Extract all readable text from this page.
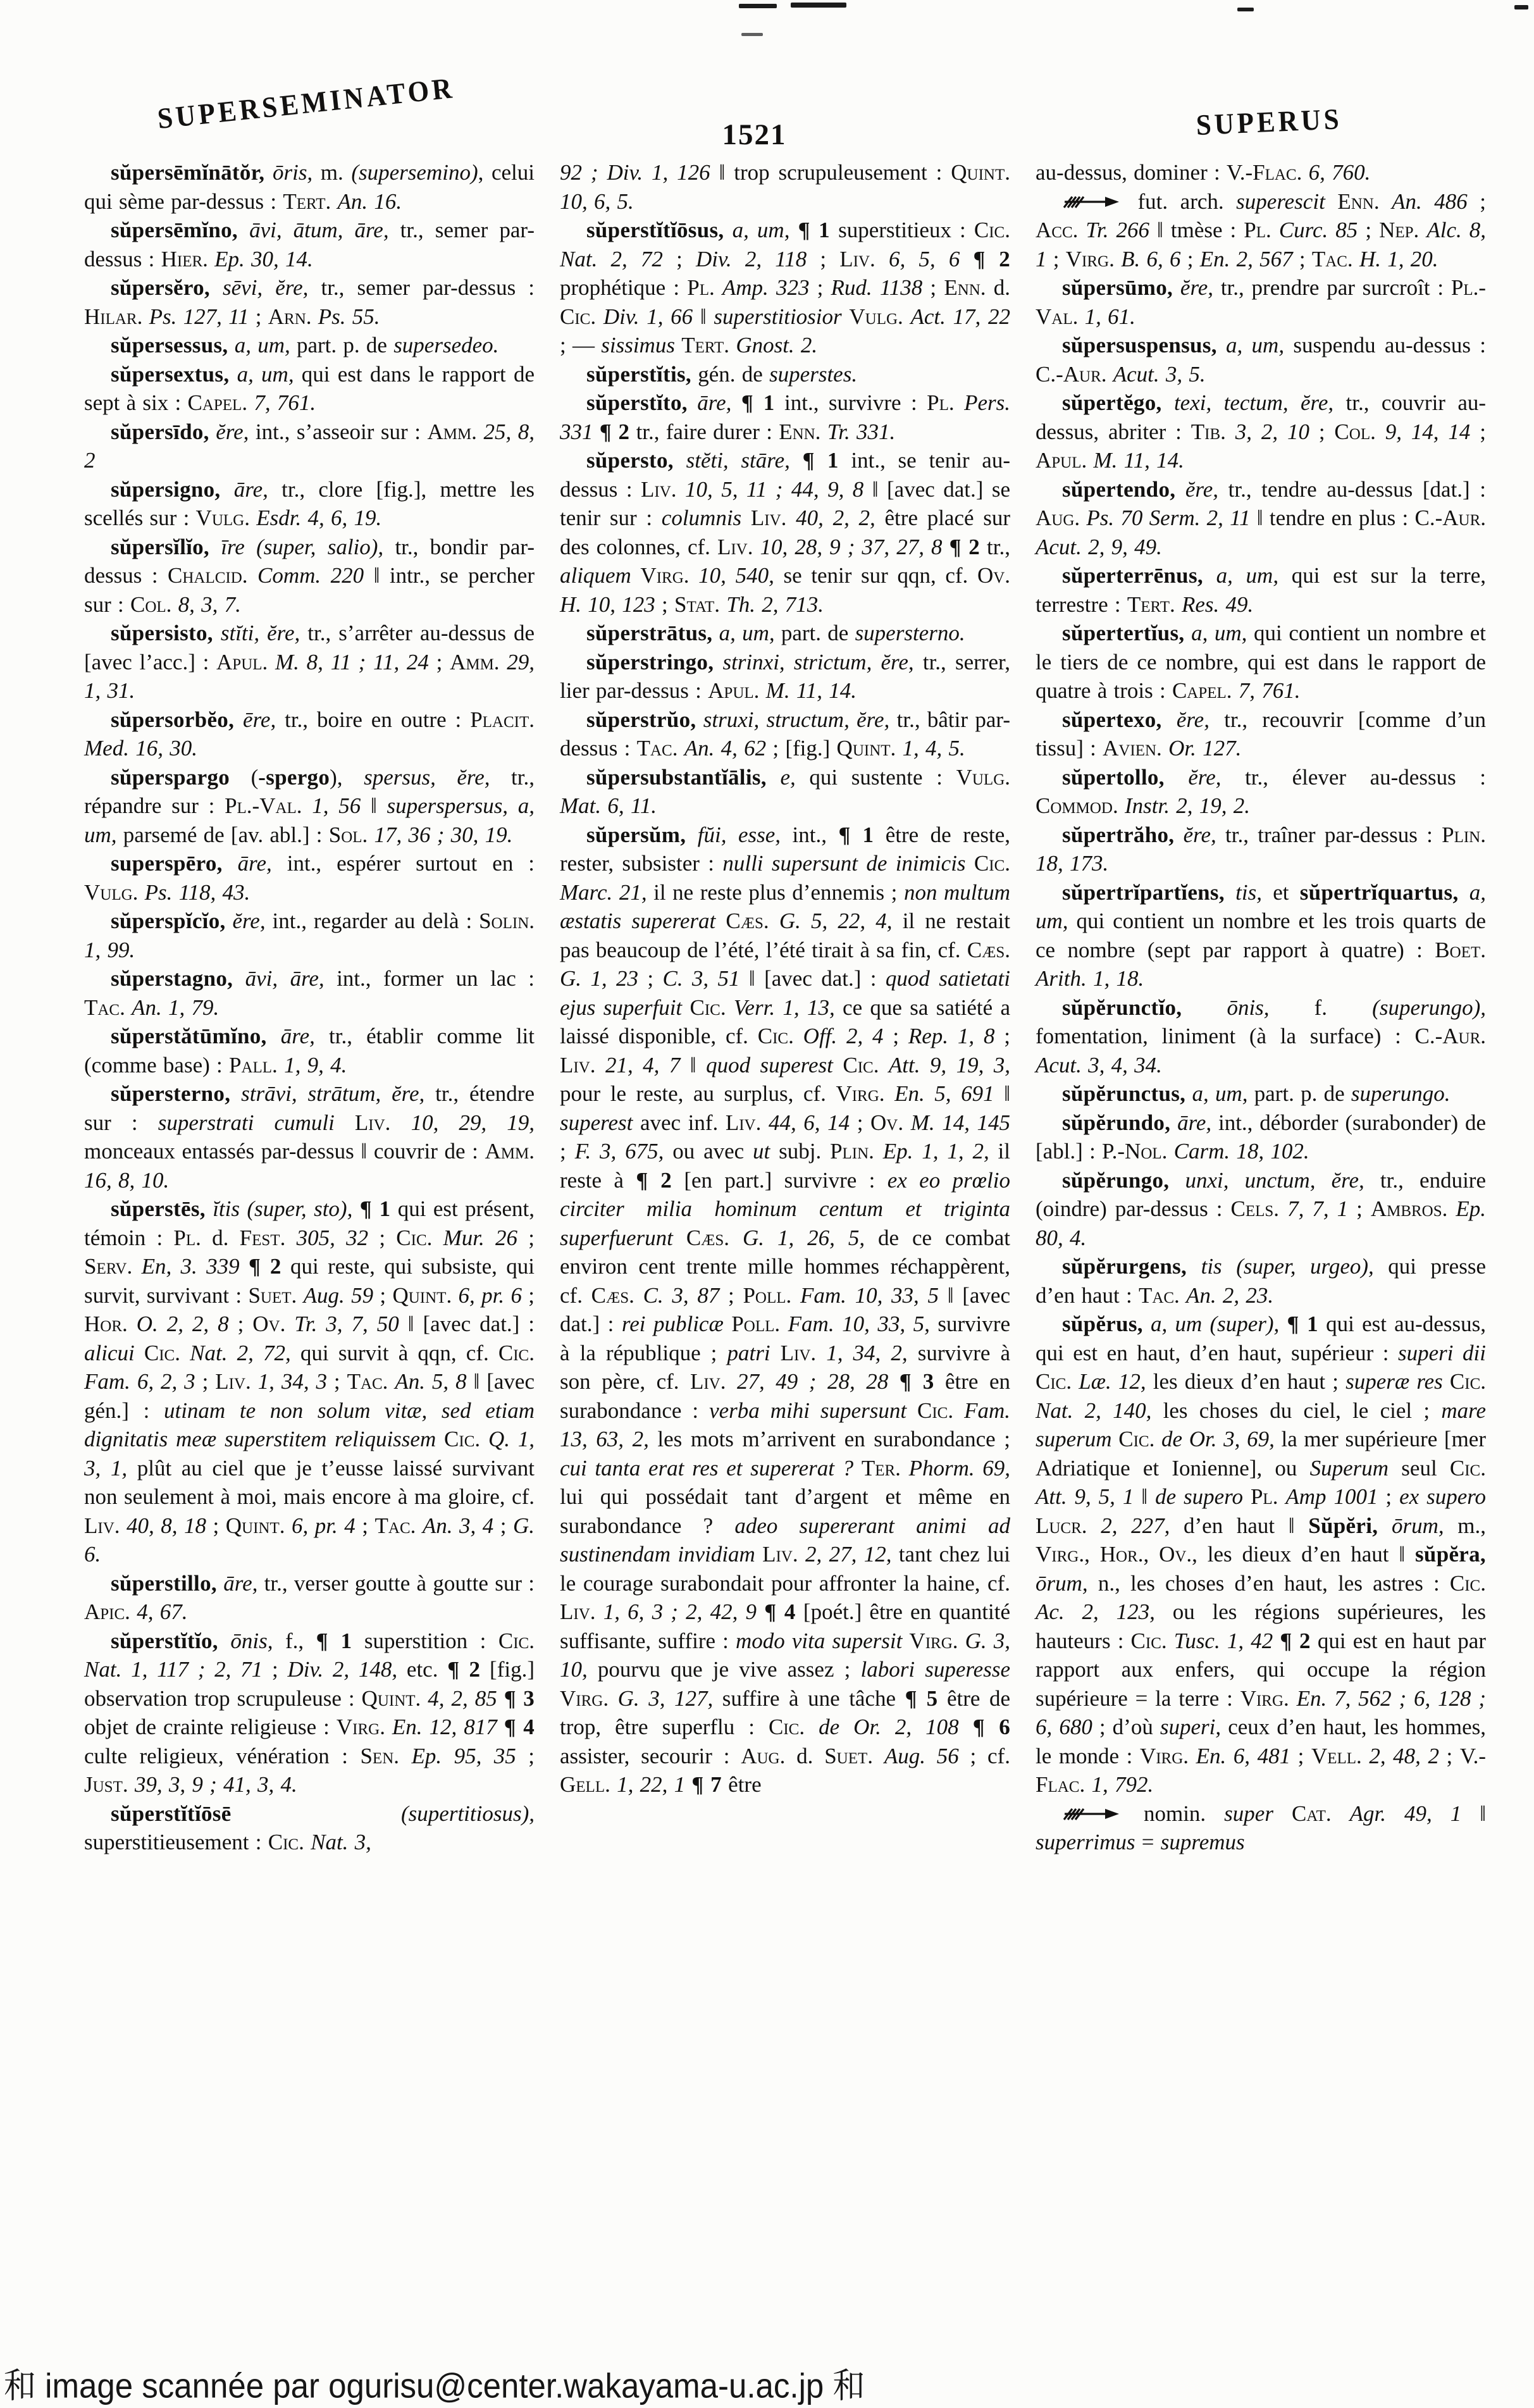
SUPERSEMINATOR	1521	SUPERUS

sŭpersēmĭnātŏr, ōris, m. (supersemino), celui qui sème par-dessus : Tert. An. 16.

sŭpersēmĭno, āvi, ātum, āre, tr., semer par-dessus : Hier. Ep. 30, 14.

sŭpersĕro, sēvi, ĕre, tr., semer par-dessus : Hilar. Ps. 127, 11 ; Arn. Ps. 55.

sŭpersessus, a, um, part. p. de supersedeo.

sŭpersextus, a, um, qui est dans le rapport de sept à six : Capel. 7, 761.

sŭpersīdo, ĕre, int., s’asseoir sur : Amm. 25, 8, 2

sŭpersigno, āre, tr., clore [fig.], mettre les scellés sur : Vulg. Esdr. 4, 6, 19.

sŭpersĭlĭo, īre (super, salio), tr., bondir par-dessus : Chalcid. Comm. 220 ‖ intr., se percher sur : Col. 8, 3, 7.

sŭpersisto, stĭti, ĕre, tr., s’arrêter au-dessus de [avec l’acc.] : Apul. M. 8, 11 ; 11, 24 ; Amm. 29, 1, 31.

sŭpersorbĕo, ēre, tr., boire en outre : Placit. Med. 16, 30.

sŭperspargo (-spergo), spersus, ĕre, tr., répandre sur : Pl.-Val. 1, 56 ‖ superspersus, a, um, parsemé de [av. abl.] : Sol. 17, 36 ; 30, 19.

superspēro, āre, int., espérer surtout en : Vulg. Ps. 118, 43.

sŭperspĭcĭo, ĕre, int., regarder au delà : Solin. 1, 99.

sŭperstagno, āvi, āre, int., former un lac : Tac. An. 1, 79.

sŭperstătūmĭno, āre, tr., établir comme lit (comme base) : Pall. 1, 9, 4.

sŭpersterno, strāvi, strātum, ĕre, tr., étendre sur : superstrati cumuli Liv. 10, 29, 19, monceaux entassés par-dessus ‖ couvrir de : Amm. 16, 8, 10.

sŭperstēs, ĭtis (super, sto), ¶ 1 qui est présent, témoin : Pl. d. Fest. 305, 32 ; Cic. Mur. 26 ; Serv. En, 3. 339 ¶ 2 qui reste, qui subsiste, qui survit, survivant : Suet. Aug. 59 ; Quint. 6, pr. 6 ; Hor. O. 2, 2, 8 ; Ov. Tr. 3, 7, 50 ‖ [avec dat.] : alicui Cic. Nat. 2, 72, qui survit à qqn, cf. Cic. Fam. 6, 2, 3 ; Liv. 1, 34, 3 ; Tac. An. 5, 8 ‖ [avec gén.] : utinam te non solum vitæ, sed etiam dignitatis meæ superstitem reliquissem Cic. Q. 1, 3, 1, plût au ciel que je t’eusse laissé survivant non seulement à moi, mais encore à ma gloire, cf. Liv. 40, 8, 18 ; Quint. 6, pr. 4 ; Tac. An. 3, 4 ; G. 6.

sŭperstillo, āre, tr., verser goutte à goutte sur : Apic. 4, 67.

sŭperstĭtĭo, ōnis, f., ¶ 1 superstition : Cic. Nat. 1, 117 ; 2, 71 ; Div. 2, 148, etc. ¶ 2 [fig.] observation trop scrupuleuse : Quint. 4, 2, 85 ¶ 3 objet de crainte religieuse : Virg. En. 12, 817 ¶ 4 culte religieux, vénération : Sen. Ep. 95, 35 ; Just. 39, 3, 9 ; 41, 3, 4.

sŭperstĭtĭōsē	(supertitiosus), superstitieusement : Cic. Nat. 3,

92 ; Div. 1, 126 ‖ trop scrupuleusement : Quint. 10, 6, 5.

sŭperstĭtĭōsus, a, um, ¶ 1 superstitieux : Cic. Nat. 2, 72 ; Div. 2, 118 ; Liv. 6, 5, 6 ¶ 2 prophétique : Pl. Amp. 323 ; Rud. 1138 ; Enn. d. Cic. Div. 1, 66 ‖ superstitiosior Vulg. Act. 17, 22 ; — sissimus Tert. Gnost. 2.

sŭperstĭtis, gén. de superstes.

sŭperstĭto, āre, ¶ 1 int., survivre : Pl. Pers. 331 ¶ 2 tr., faire durer : Enn. Tr. 331.

sŭpersto, stĕti, stāre, ¶ 1 int., se tenir au-dessus : Liv. 10, 5, 11 ; 44, 9, 8 ‖ [avec dat.] se tenir sur : columnis Liv. 40, 2, 2, être placé sur des colonnes, cf. Liv. 10, 28, 9 ; 37, 27, 8 ¶ 2 tr., aliquem Virg. 10, 540, se tenir sur qqn, cf. Ov. H. 10, 123 ; Stat. Th. 2, 713.

sŭperstrātus, a, um, part. de supersterno.

sŭperstringo, strinxi, strictum, ĕre, tr., serrer, lier par-dessus : Apul. M. 11, 14.

sŭperstrŭo, struxi, structum, ĕre, tr., bâtir par-dessus : Tac. An. 4, 62 ; [fig.] Quint. 1, 4, 5.

sŭpersubstantĭālis, e, qui sustente : Vulg. Mat. 6, 11.

sŭpersŭm, fŭi, esse, int., ¶ 1 être de reste, rester, subsister : nulli supersunt de inimicis Cic. Marc. 21, il ne reste plus d’ennemis ; non multum æstatis supererat Cæs. G. 5, 22, 4, il ne restait pas beaucoup de l’été, l’été tirait à sa fin, cf. Cæs. G. 1, 23 ; C. 3, 51 ‖ [avec dat.] : quod satietati ejus superfuit Cic. Verr. 1, 13, ce que sa satiété a laissé disponible, cf. Cic. Off. 2, 4 ; Rep. 1, 8 ; Liv. 21, 4, 7 ‖ quod superest Cic. Att. 9, 19, 3, pour le reste, au surplus, cf. Virg. En. 5, 691 ‖ superest avec inf. Liv. 44, 6, 14 ; Ov. M. 14, 145 ; F. 3, 675, ou avec ut subj. Plin. Ep. 1, 1, 2, il reste à ¶ 2 [en part.] survivre : ex eo prœlio circiter milia hominum centum et triginta superfuerunt Cæs. G. 1, 26, 5, de ce combat environ cent trente mille hommes réchappèrent, cf. Cæs. C. 3, 87 ; Poll. Fam. 10, 33, 5 ‖ [avec dat.] : rei publicæ Poll. Fam. 10, 33, 5, survivre à la république ; patri Liv. 1, 34, 2, survivre à son père, cf. Liv. 27, 49 ; 28, 28 ¶ 3 être en surabondance : verba mihi supersunt Cic. Fam. 13, 63, 2, les mots m’arrivent en surabondance ; cui tanta erat res et supererat ? Ter. Phorm. 69, lui qui possédait tant d’argent et même en surabondance ? adeo supererant animi ad sustinendam invidiam Liv. 2, 27, 12, tant chez lui le courage surabondait pour affronter la haine, cf. Liv. 1, 6, 3 ; 2, 42, 9 ¶ 4 [poét.] être en quantité suffisante, suffire : modo vita supersit Virg. G. 3, 10, pourvu que je vive assez ; labori superesse Virg. G. 3, 127, suffire à une tâche ¶ 5 être de trop, être superflu : Cic. de Or. 2, 108 ¶ 6 assister, secourir : Aug. d. Suet. Aug. 56 ; cf. Gell. 1, 22, 1 ¶ 7 être

au-dessus, dominer : V.-Flac. 6, 760.

fut. arch. superescit Enn. An. 486 ; Acc. Tr. 266 ‖ tmèse : Pl. Curc. 85 ; Nep. Alc. 8, 1 ; Virg. B. 6, 6 ; En. 2, 567 ; Tac. H. 1, 20.

sŭpersūmo, ĕre, tr., prendre par surcroît : Pl.-Val. 1, 61.

sŭpersuspensus, a, um, suspendu au-dessus : C.-Aur. Acut. 3, 5.

sŭpertĕgo, texi, tectum, ĕre, tr., couvrir au-dessus, abriter : Tib. 3, 2, 10 ; Col. 9, 14, 14 ; Apul. M. 11, 14.

sŭpertendo, ĕre, tr., tendre au-dessus [dat.] : Aug. Ps. 70 Serm. 2, 11 ‖ tendre en plus : C.-Aur. Acut. 2, 9, 49.

sŭperterrēnus, a, um, qui est sur la terre, terrestre : Tert. Res. 49.

sŭpertertĭus, a, um, qui contient un nombre et le tiers de ce nombre, qui est dans le rapport de quatre à trois : Capel. 7, 761.

sŭpertexo, ĕre, tr., recouvrir [comme d’un tissu] : Avien. Or. 127.

sŭpertollo, ĕre, tr., élever au-dessus : Commod. Instr. 2, 19, 2.

sŭpertrăho, ĕre, tr., traîner par-dessus : Plin. 18, 173.

sŭpertrĭpartĭens, tis, et sŭpertrĭquartus, a, um, qui contient un nombre et les trois quarts de ce nombre (sept par rapport à quatre) : Boet. Arith. 1, 18.

sŭpĕrunctĭo, ōnis, f. (superungo), fomentation, liniment (à la surface) : C.-Aur. Acut. 3, 4, 34.

sŭpĕrunctus, a, um, part. p. de superungo.

sŭpĕrundo, āre, int., déborder (surabonder) de [abl.] : P.-Nol. Carm. 18, 102.

sŭpĕrungo, unxi, unctum, ĕre, tr., enduire (oindre) par-dessus : Cels. 7, 7, 1 ; Ambros. Ep. 80, 4.

sŭpĕrurgens, tis (super, urgeo), qui presse d’en haut : Tac. An. 2, 23.

sŭpĕrus, a, um (super), ¶ 1 qui est au-dessus, qui est en haut, d’en haut, supérieur : superi dii Cic. Læ. 12, les dieux d’en haut ; superæ res Cic. Nat. 2, 140, les choses du ciel, le ciel ; mare superum Cic. de Or. 3, 69, la mer supérieure [mer Adriatique et Ionienne], ou Superum seul Cic. Att. 9, 5, 1 ‖ de supero Pl. Amp 1001 ; ex supero Lucr. 2, 227, d’en haut ‖ Sŭpĕri, ōrum, m., Virg., Hor., Ov., les dieux d’en haut ‖ sŭpĕra, ōrum, n., les choses d’en haut, les astres : Cic. Ac. 2, 123, ou les régions supérieures, les hauteurs : Cic. Tusc. 1, 42 ¶ 2 qui est en haut par rapport aux enfers, qui occupe la région supérieure = la terre : Virg. En. 7, 562 ; 6, 128 ; 6, 680 ; d’où superi, ceux d’en haut, les hommes, le monde : Virg. En. 6, 481 ; Vell. 2, 48, 2 ; V.-Flac. 1, 792.

nomin. super Cat. Agr. 49, 1 ‖ superrimus = supremus

和 image scannée par ogurisu@center.wakayama-u.ac.jp 和
